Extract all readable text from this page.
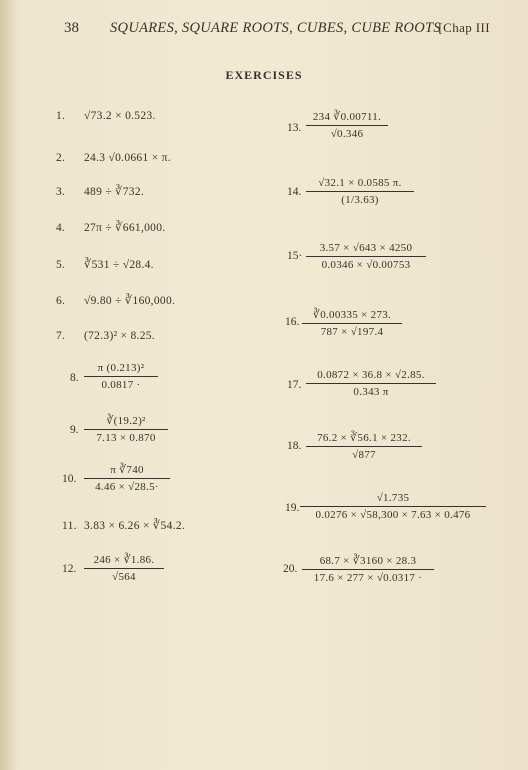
38 SQUARES, SQUARE ROOTS, CUBES, CUBE ROOTS
[Chap III
EXERCISES
1. √73.2 × 0.523.
2. 24.3 √0.0661 × π.
3. 489 ÷ ∛732.
4. 27π ÷ ∛661,000.
5. ∛531 ÷ √28.4.
6. √9.80 ÷ ∛160,000.
7. (72.3)² × 8.25.
8.
π (0.213)²
0.0817 ·
9.
∛(19.2)²
7.13 × 0.870
10.
π ∛740
4.46 × √28.5·
11. 3.83 × 6.26 × ∛54.2.
12.
246 × ∛1.86.
√564
13.
234 ∛0.00711.
√0.346
14.
√32.1 × 0.0585 π.
(1/3.63)
15·
3.57 × √643 × 4250
0.0346 × √0.00753
16.
∛0.00335 × 273.
787 × √197.4
17.
0.0872 × 36.8 × √2.85.
0.343 π
18.
76.2 × ∛56.1 × 232.
√877
19.
√1.735
0.0276 × √58,300 × 7.63 × 0.476
20.
68.7 × ∛3160 × 28.3
17.6 × 277 × √0.0317 ·
